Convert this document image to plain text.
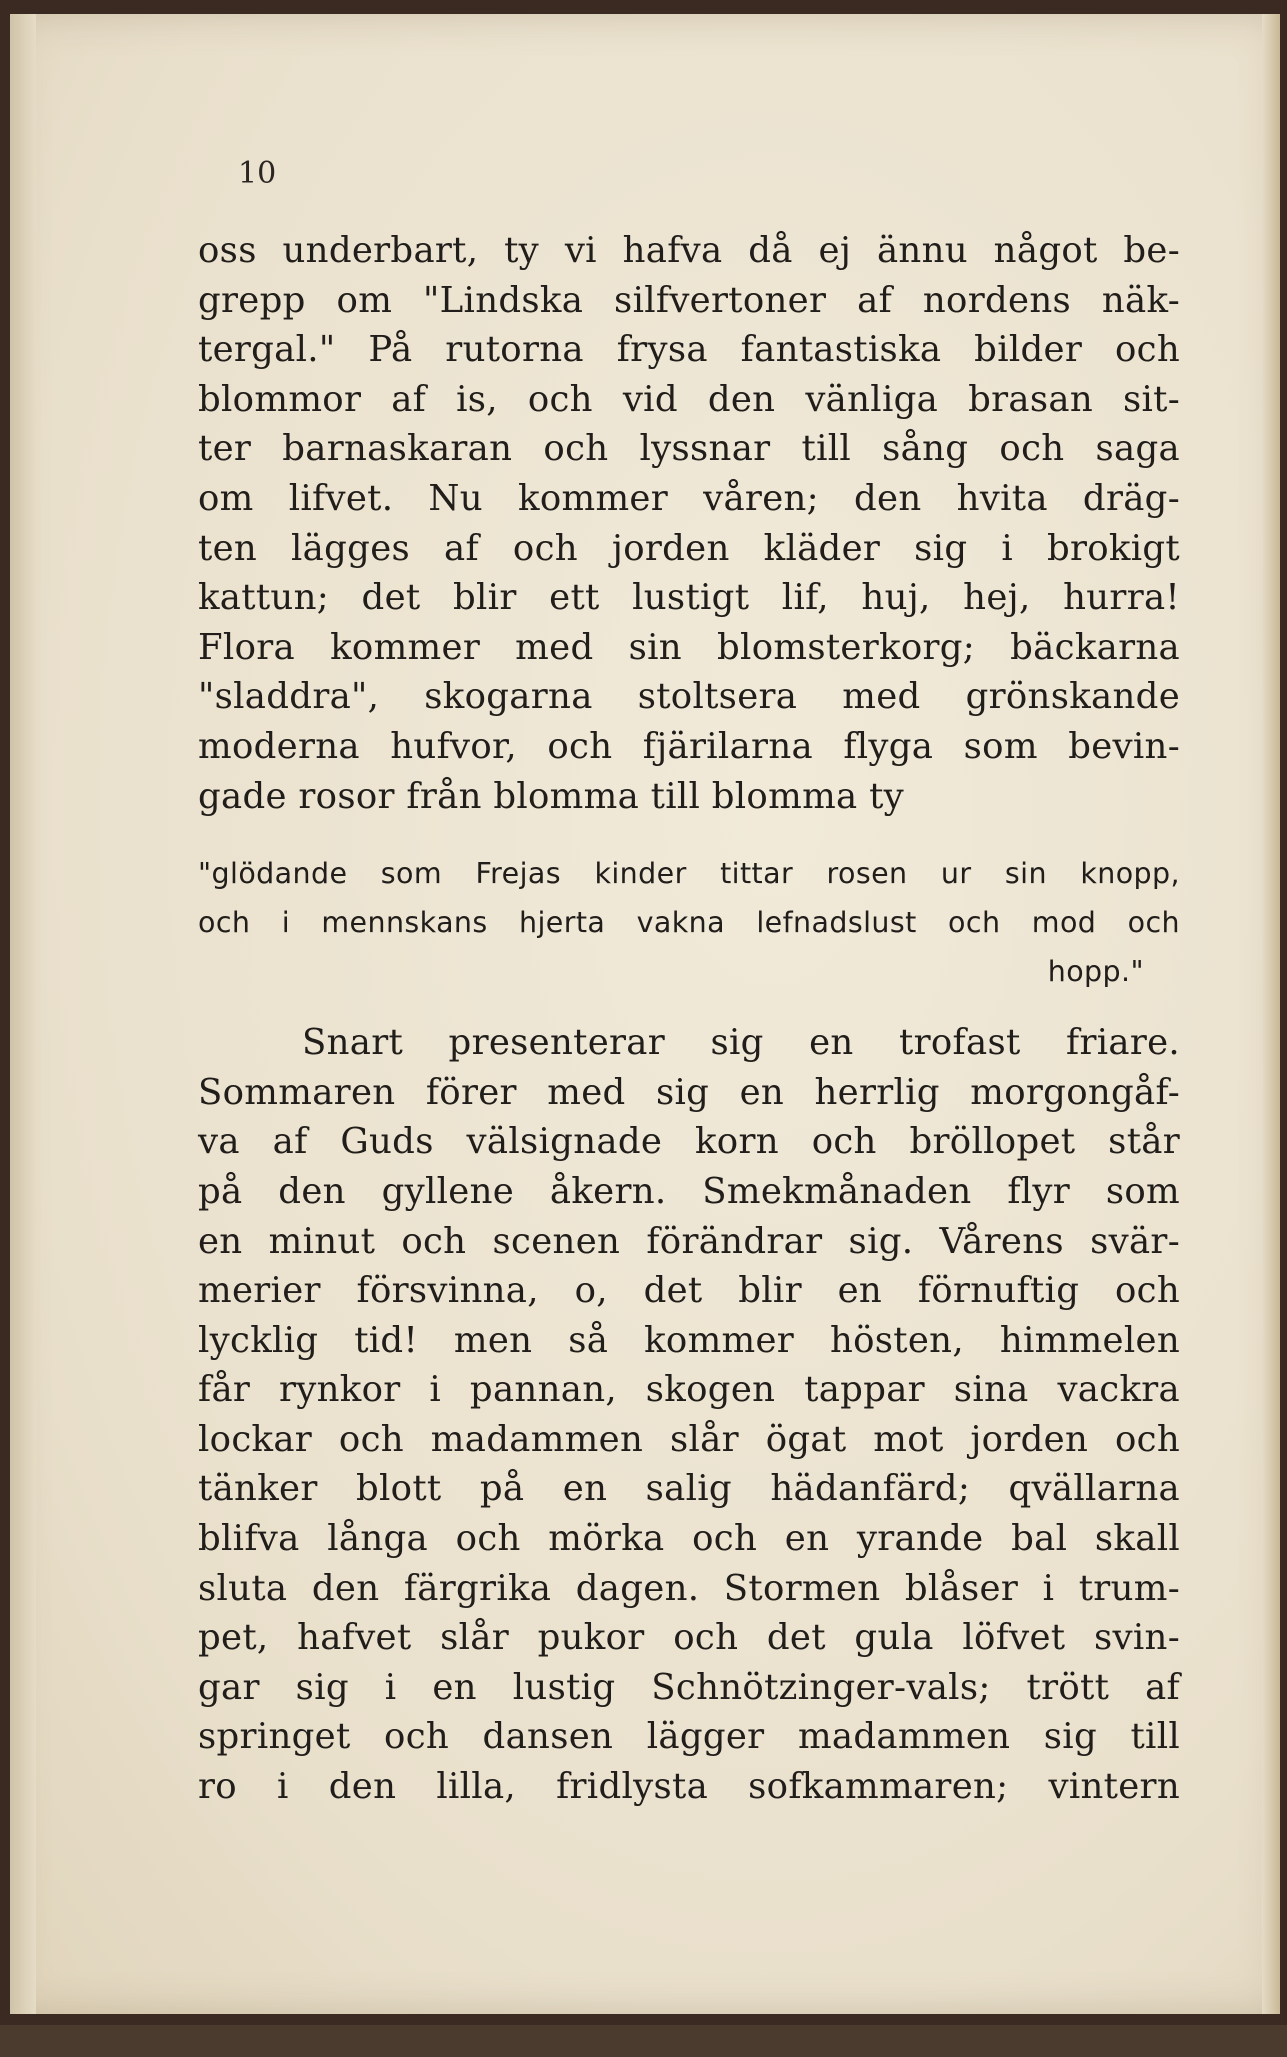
10
oss underbart, ty vi hafva då ej ännu något be-
grepp om "Lindska silfvertoner af nordens näk-
tergal." På rutorna frysa fantastiska bilder och
blommor af is, och vid den vänliga brasan sit-
ter barnaskaran och lyssnar till sång och saga
om lifvet. Nu kommer våren; den hvita dräg-
ten lägges af och jorden kläder sig i brokigt
kattun; det blir ett lustigt lif, huj, hej, hurra!
Flora kommer med sin blomsterkorg; bäckarna
"sladdra", skogarna stoltsera med grönskande
moderna hufvor, och fjärilarna flyga som bevin-
gade rosor från blomma till blomma ty
"glödande som Frejas kinder tittar rosen ur sin knopp,
och i mennskans hjerta vakna lefnadslust och mod och
hopp."
Snart presenterar sig en trofast friare.
Sommaren förer med sig en herrlig morgongåf-
va af Guds välsignade korn och bröllopet står
på den gyllene åkern. Smekmånaden flyr som
en minut och scenen förändrar sig. Vårens svär-
merier försvinna, o, det blir en förnuftig och
lycklig tid! men så kommer hösten, himmelen
får rynkor i pannan, skogen tappar sina vackra
lockar och madammen slår ögat mot jorden och
tänker blott på en salig hädanfärd; qvällarna
blifva långa och mörka och en yrande bal skall
sluta den färgrika dagen. Stormen blåser i trum-
pet, hafvet slår pukor och det gula löfvet svin-
gar sig i en lustig Schnötzinger-vals; trött af
springet och dansen lägger madammen sig till
ro i den lilla, fridlysta sofkammaren; vintern
